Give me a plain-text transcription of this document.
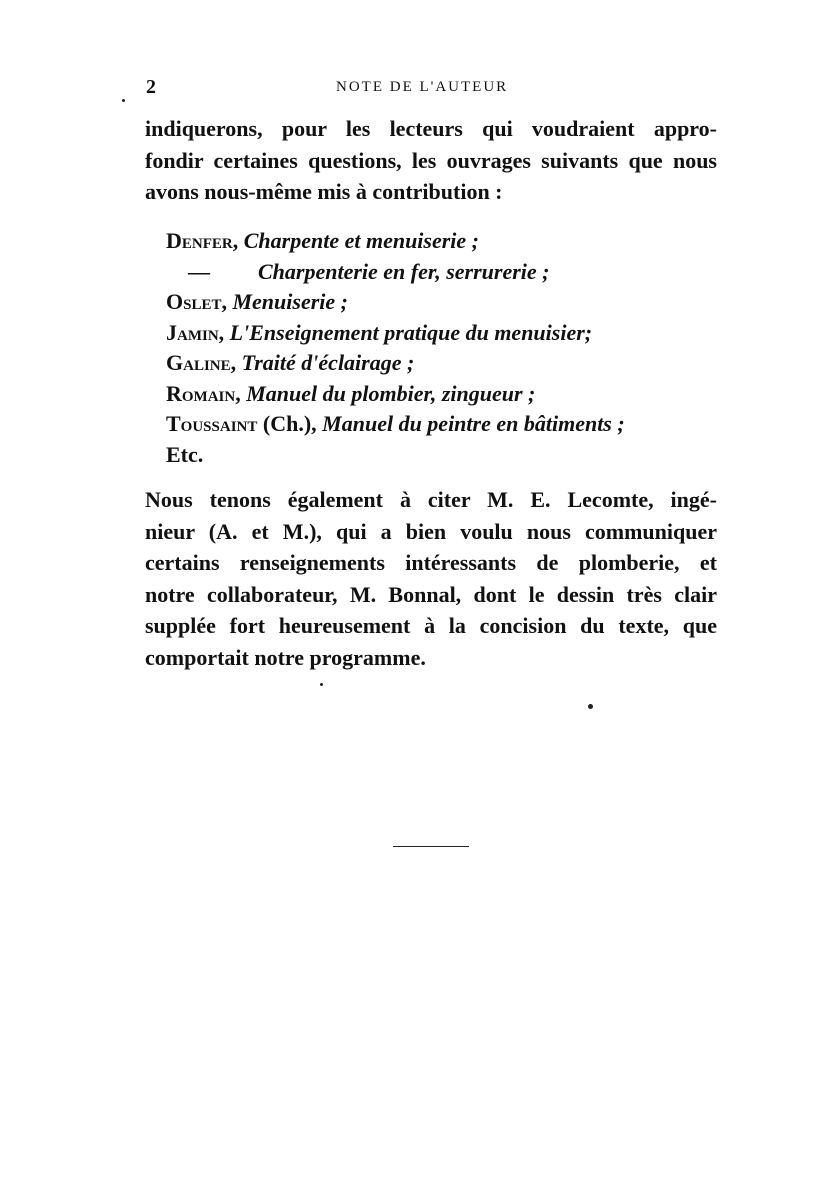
2	NOTE DE L'AUTEUR
indiquerons, pour les lecteurs qui voudraient appro-
fondir certaines questions, les ouvrages suivants que nous
avons nous-même mis à contribution :
Denfer, Charpente et menuiserie ;
— Charpenterie en fer, serrurerie ;
Oslet, Menuiserie ;
Jamin, L'Enseignement pratique du menuisier;
Galine, Traité d'éclairage ;
Romain, Manuel du plombier, zingueur ;
Toussaint (Ch.), Manuel du peintre en bâtiments ;
Etc.
Nous tenons également à citer M. E. Lecomte, ingé-
nieur (A. et M.), qui a bien voulu nous communiquer
certains renseignements intéressants de plomberie, et
notre collaborateur, M. Bonnal, dont le dessin très clair
supplée fort heureusement à la concision du texte, que
comportait notre programme.
